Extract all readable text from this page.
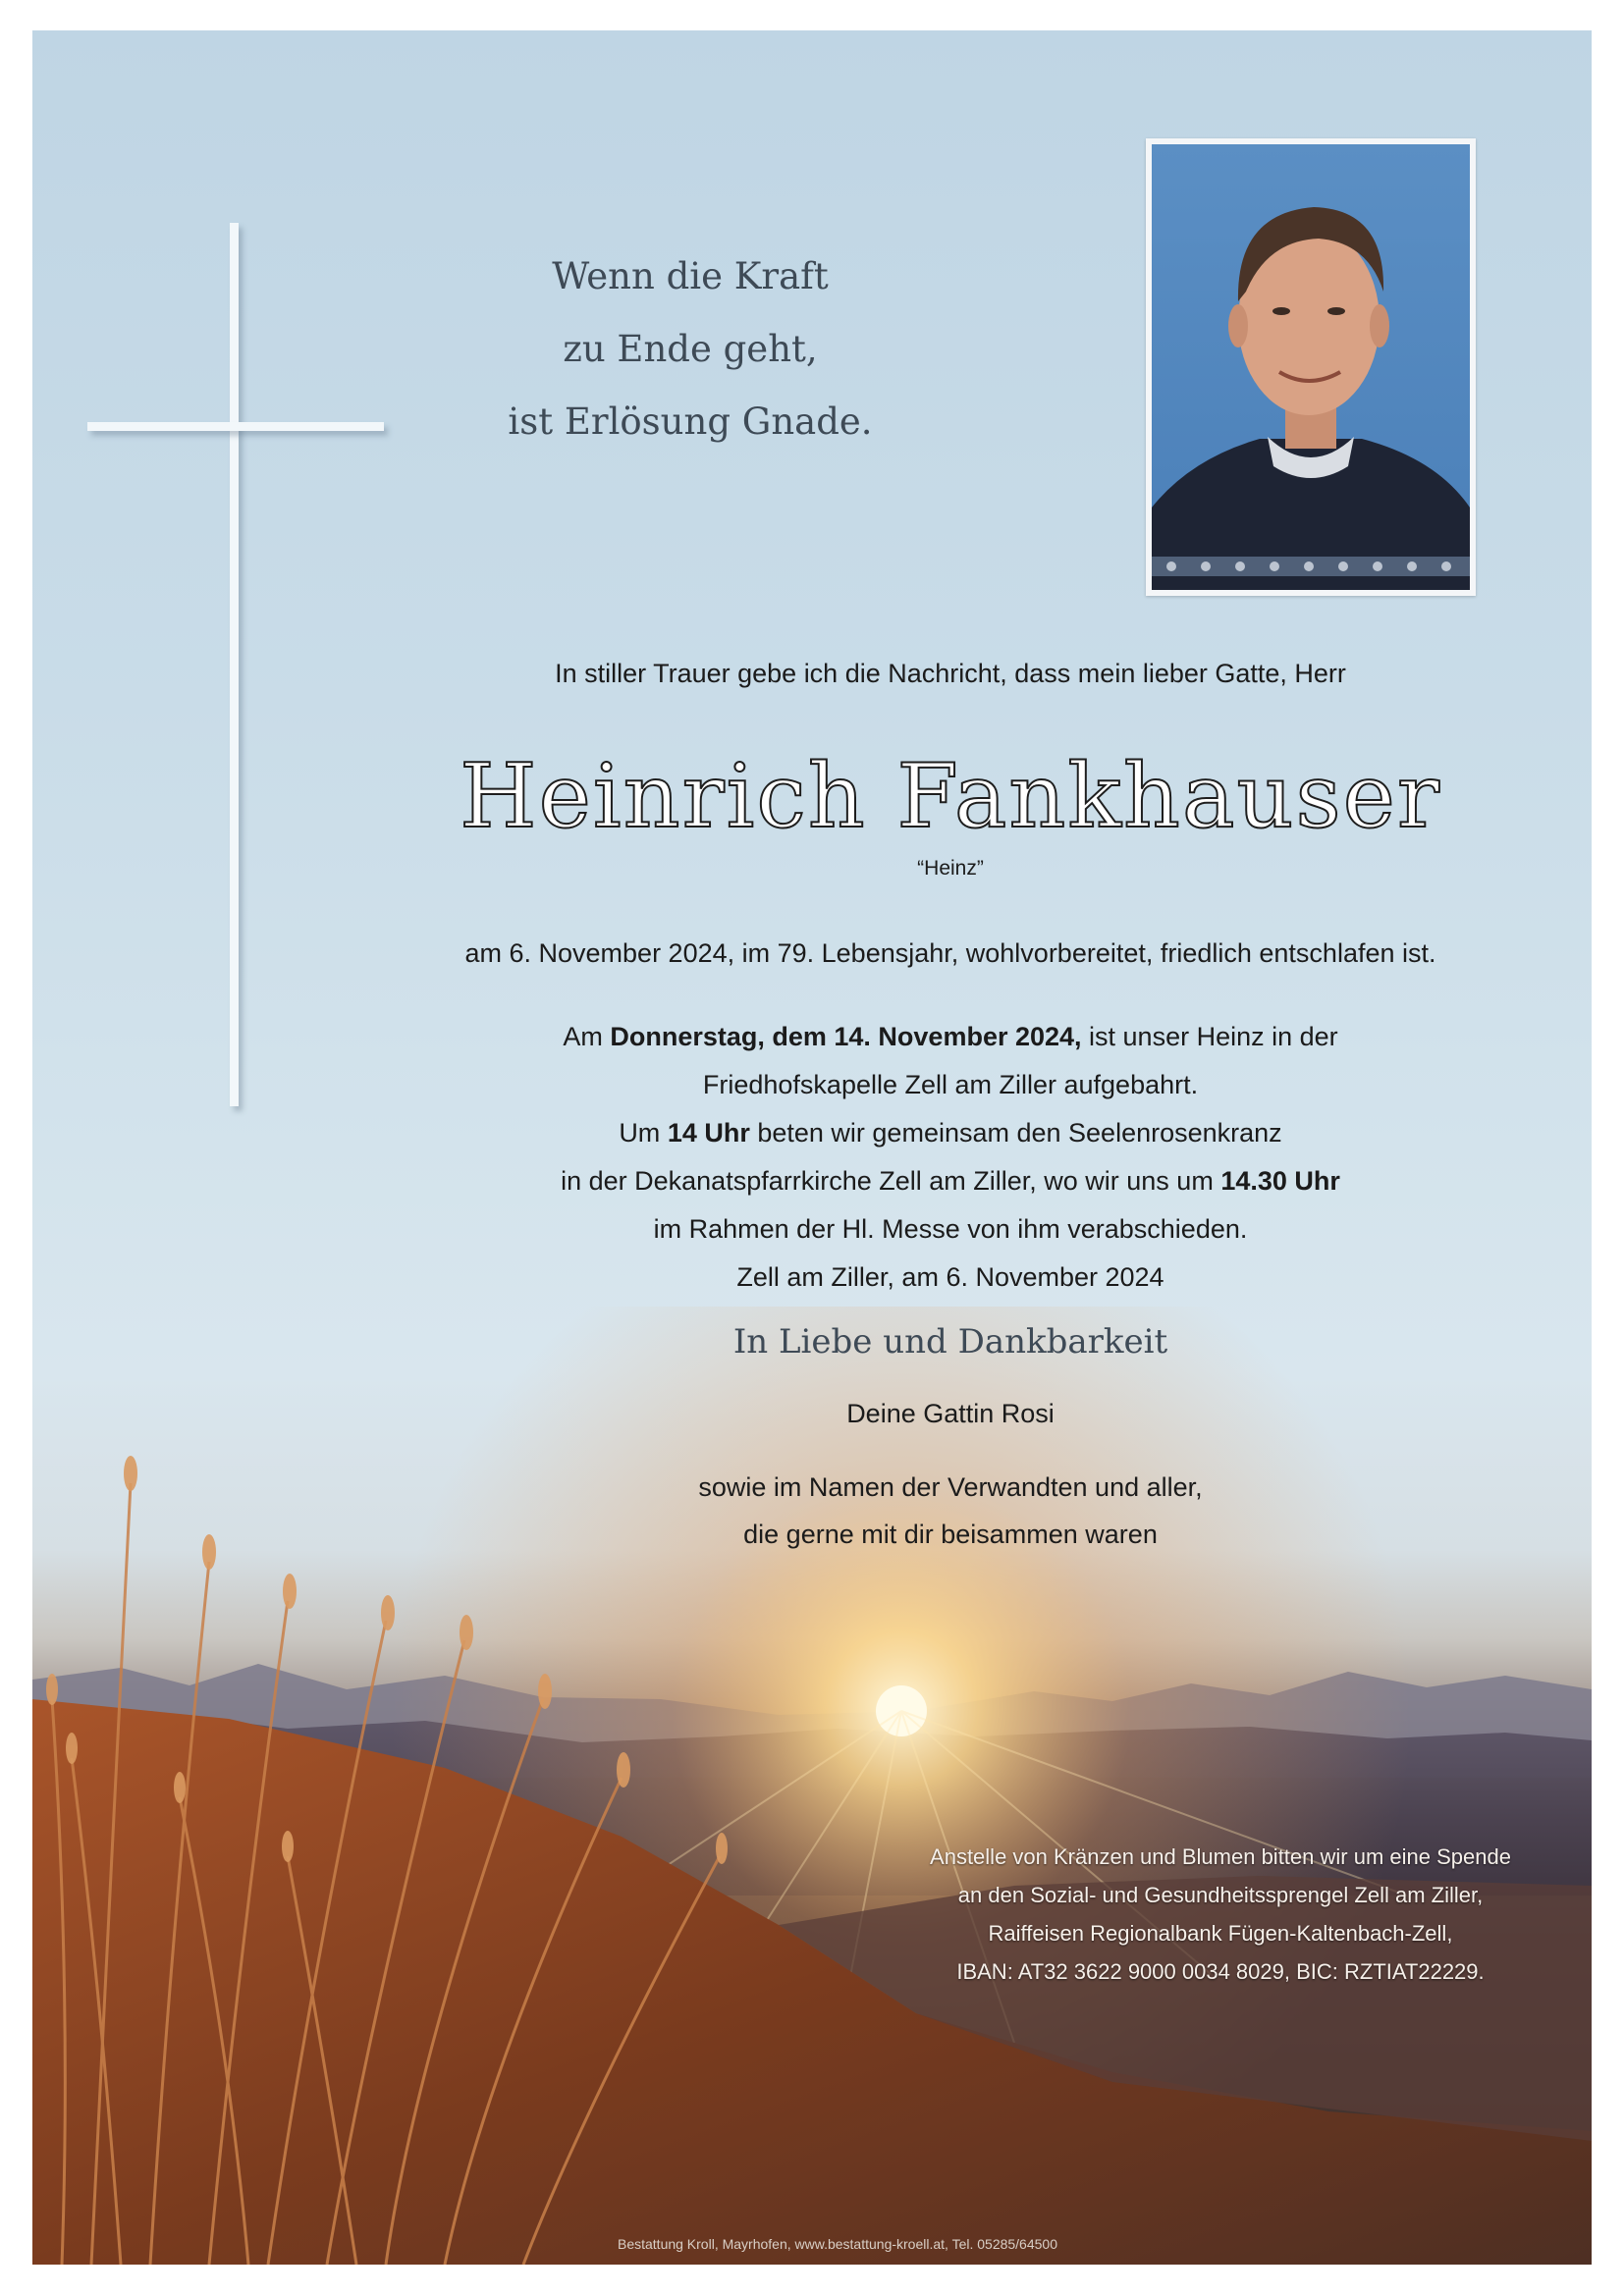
Wenn die Kraft
zu Ende geht,
ist Erlösung Gnade.
In stiller Trauer gebe ich die Nachricht, dass mein lieber Gatte, Herr
Heinrich Fankhauser
“Heinz”
am 6. November 2024, im 79. Lebensjahr, wohlvorbereitet, friedlich entschlafen ist.
Am Donnerstag, dem 14. November 2024, ist unser Heinz in der
Friedhofskapelle Zell am Ziller aufgebahrt.
Um 14 Uhr beten wir gemeinsam den Seelenrosenkranz
in der Dekanatspfarrkirche Zell am Ziller, wo wir uns um 14.30 Uhr
im Rahmen der Hl. Messe von ihm verabschieden.
Zell am Ziller, am 6. November 2024
In Liebe und Dankbarkeit
Deine Gattin Rosi
sowie im Namen der Verwandten und aller,
die gerne mit dir beisammen waren
Anstelle von Kränzen und Blumen bitten wir um eine Spende
an den Sozial- und Gesundheitssprengel Zell am Ziller,
Raiffeisen Regionalbank Fügen-Kaltenbach-Zell,
IBAN: AT32 3622 9000 0034 8029, BIC: RZTIAT22229.
Bestattung Kroll, Mayrhofen, www.bestattung-kroell.at, Tel. 05285/64500
